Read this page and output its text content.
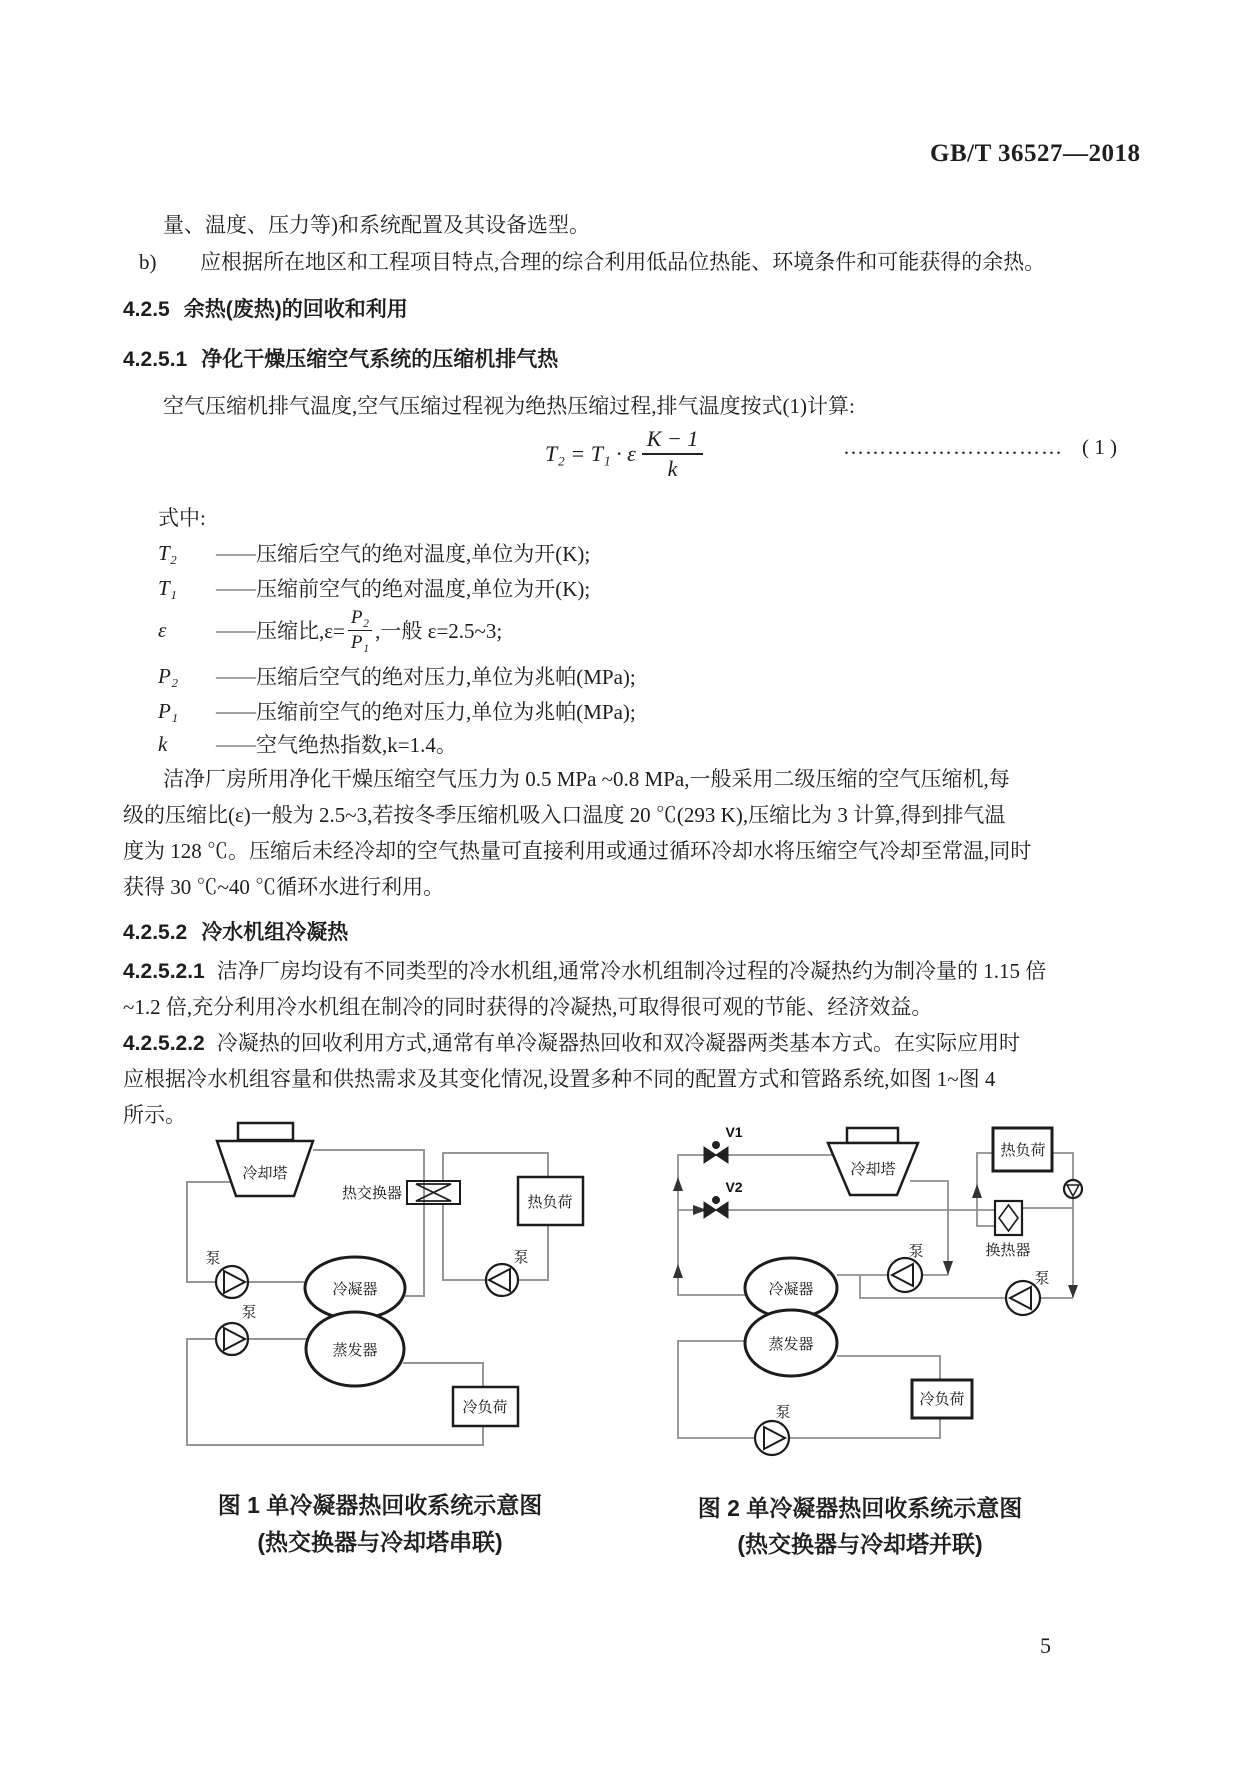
GB/T 36527—2018
量、温度、压力等)和系统配置及其设备选型。
b) 应根据所在地区和工程项目特点,合理的综合利用低品位热能、环境条件和可能获得的余热。
4.2.5 余热(废热)的回收和利用
4.2.5.1 净化干燥压缩空气系统的压缩机排气热
空气压缩机排气温度,空气压缩过程视为绝热压缩过程,排气温度按式(1)计算:
T₂ = T₁ · ε $\frac{K - 1}{k}$	………………………… ( 1 )
式中:
T₂	—— 压缩后空气的绝对温度,单位为开(K);
T₁	—— 压缩前空气的绝对温度,单位为开(K);
ε	—— 压缩比$,\varepsilon= \frac{\text{P₂}}{\text{P₁}}$ ,一般 ε=2.5~3;
P₂	—— 压缩后空气的绝对压力,单位为兆帕(MPa);
P₁	—— 压缩前空气的绝对压力,单位为兆帕(MPa);
k	—— 空气绝热指数,k=1.4。
洁净厂房所用净化干燥压缩空气压力为 0.5 MPa ~0.8 MPa,一般采用二级压缩的空气压缩机,每
级的压缩比(ε)一般为 2.5~3,若按冬季压缩机吸入口温度 20 ℃(293 K),压缩比为 3 计算,得到排气温
度为 128 ℃。压缩后未经冷却的空气热量可直接利用或通过循环冷却水将压缩空气冷却至常温,同时
获得 30 ℃~40 ℃循环水进行利用。
4.2.5.2 冷水机组冷凝热
4.2.5.2.1 洁净厂房均设有不同类型的冷水机组,通常冷水机组制冷过程的冷凝热约为制冷量的 1.15 倍
~1.2 倍,充分利用冷水机组在制冷的同时获得的冷凝热,可取得很可观的节能、经济效益。
4.2.5.2.2 冷凝热的回收利用方式,通常有单冷凝器热回收和双冷凝器两类基本方式。在实际应用时
应根据冷水机组容量和供热需求及其变化情况,设置多种不同的配置方式和管路系统,如图 1~图 4
所示。
冷却塔
热交换器
热负荷
冷凝器
蒸发器
冷负荷
泵
泵
泵
V1
V2
冷却塔
热负荷
换热器
冷凝器
蒸发器
冷负荷
泵
泵
泵
图 1 单冷凝器热回收系统示意图
(热交换器与冷却塔串联)
图 2 单冷凝器热回收系统示意图
(热交换器与冷却塔并联)
5
